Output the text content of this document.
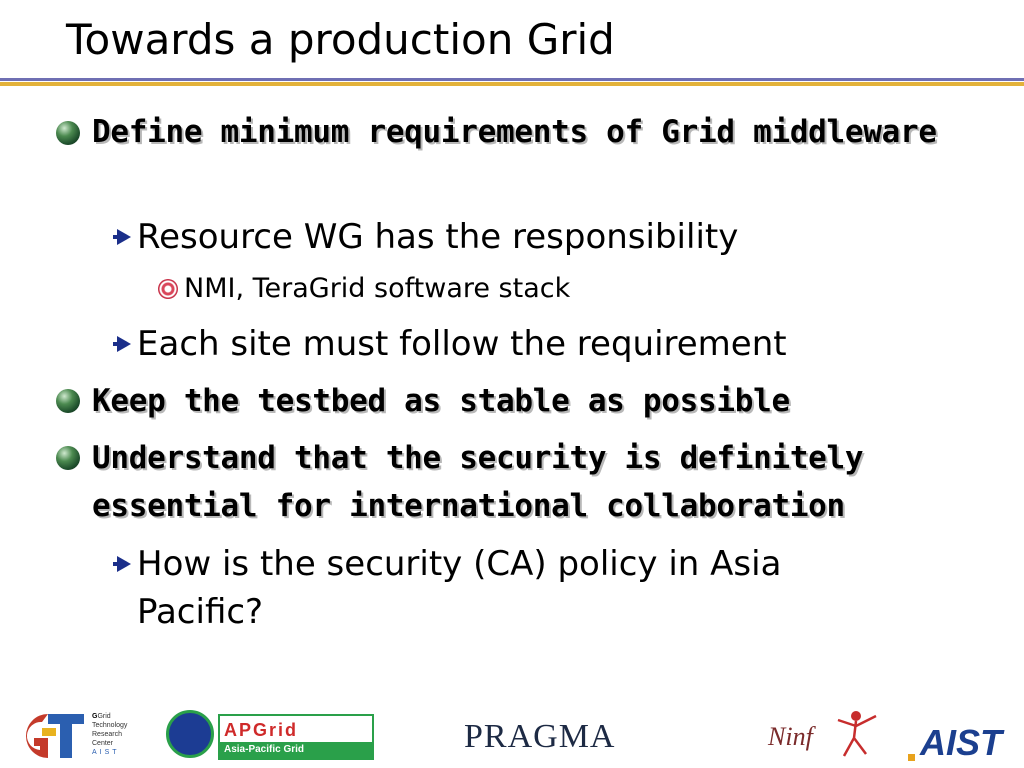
Towards a production Grid
Define minimum requirements of Grid middleware
Resource WG has the responsibility
NMI, TeraGrid software stack
Each site must follow the requirement
Keep the testbed as stable as possible
Understand that the security is definitely essential for international collaboration
How is the security (CA) policy in Asia Pacific?
GGrid
Technology
Research
Center
AIST
APGrid
Asia-Pacific Grid	PRAGMA	Ninf	AIST
